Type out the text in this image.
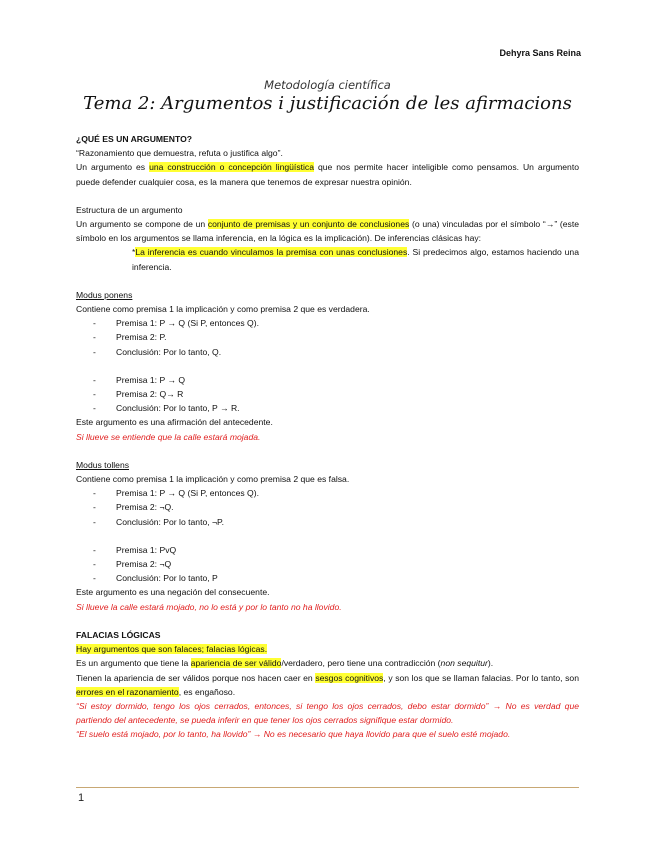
Dehyra Sans Reina
Metodología científica
Tema 2: Argumentos i justificación de les afirmacions

¿QUÉ ES UN ARGUMENTO?

“Razonamiento que demuestra, refuta o justifica algo”.

Un argumento es una construcción o concepción lingüística que nos permite hacer inteligible como pensamos. Un argumento puede defender cualquier cosa, es la manera que tenemos de expresar nuestra opinión.

Estructura de un argumento

Un argumento se compone de un conjunto de premisas y un conjunto de conclusiones (o una) vinculadas por el símbolo “→” (este símbolo en los argumentos se llama inferencia, en la lógica es la implicación). De inferencias clásicas hay:

*La inferencia es cuando vinculamos la premisa con unas conclusiones. Si predecimos algo, estamos haciendo una inferencia.

Modus ponens

Contiene como premisa 1 la implicación y como premisa 2 que es verdadera.

- Premisa 1: P → Q (Si P, entonces Q).
- Premisa 2: P.
- Conclusión: Por lo tanto, Q.
- Premisa 1: P → Q
- Premisa 2: Q→ R
- Conclusión: Por lo tanto, P → R.

Este argumento es una afirmación del antecedente.

Si llueve se entiende que la calle estará mojada.

Modus tollens

Contiene como premisa 1 la implicación y como premisa 2 que es falsa.

- Premisa 1: P → Q (Si P, entonces Q).
- Premisa 2: ¬Q.
- Conclusión: Por lo tanto, ¬P.
- Premisa 1: PvQ
- Premisa 2: ¬Q
- Conclusión: Por lo tanto, P

Este argumento es una negación del consecuente.

Si llueve la calle estará mojado, no lo está y por lo tanto no ha llovido.

FALACIAS LÓGICAS

Hay argumentos que son falaces; falacias lógicas.

Es un argumento que tiene la apariencia de ser válido/verdadero, pero tiene una contradicción (non sequitur).

Tienen la apariencia de ser válidos porque nos hacen caer en sesgos cognitivos, y son los que se llaman falacias. Por lo tanto, son errores en el razonamiento, es engañoso.

“Si estoy dormido, tengo los ojos cerrados, entonces, si tengo los ojos cerrados, debo estar dormido” → No es verdad que partiendo del antecedente, se pueda inferir en que tener los ojos cerrados signifique estar dormido.

“El suelo está mojado, por lo tanto, ha llovido” → No es necesario que haya llovido para que el suelo esté mojado.

1
